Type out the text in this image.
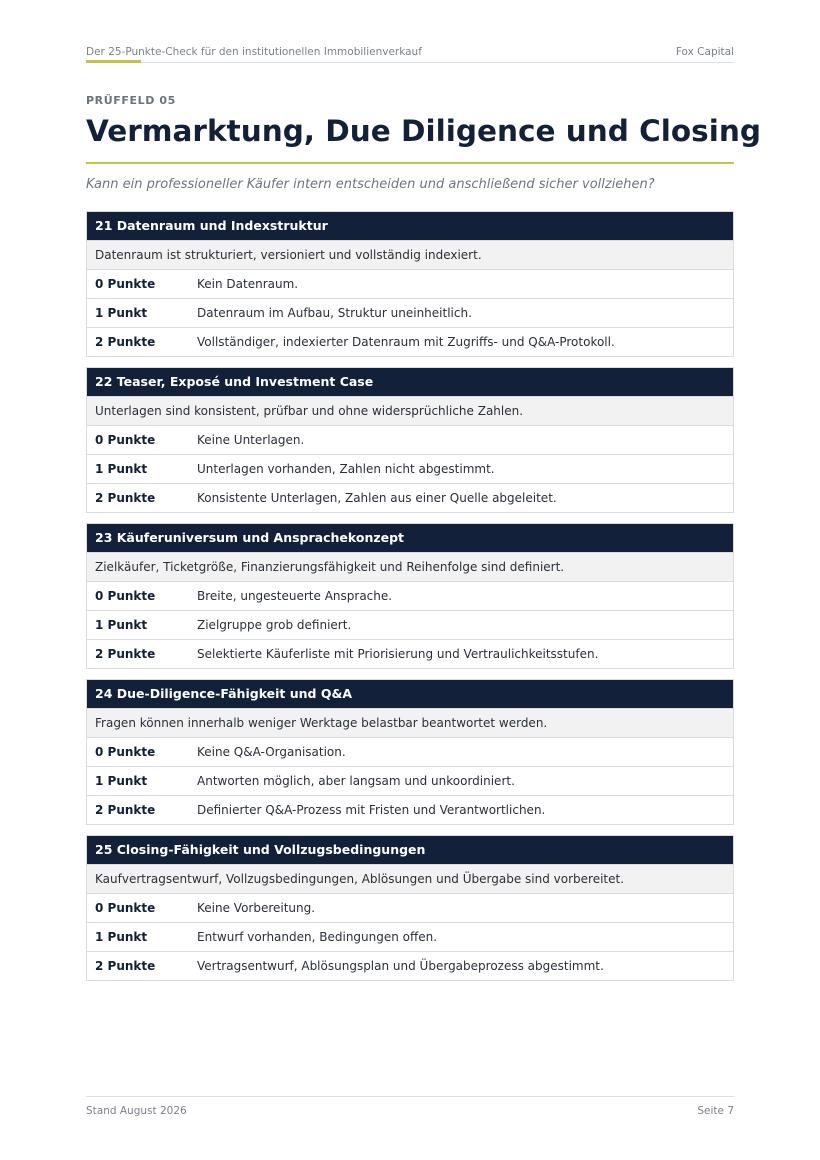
Der 25-Punkte-Check für den institutionellen Immobilienverkauf	Fox Capital
PRÜFFELD 05
Vermarktung, Due Diligence und Closing
Kann ein professioneller Käufer intern entscheiden und anschließend sicher vollziehen?
21 Datenraum und Indexstruktur
Datenraum ist strukturiert, versioniert und vollständig indexiert.
0 Punkte	Kein Datenraum.
1 Punkt	Datenraum im Aufbau, Struktur uneinheitlich.
2 Punkte	Vollständiger, indexierter Datenraum mit Zugriffs- und Q&A-Protokoll.
22 Teaser, Exposé und Investment Case
Unterlagen sind konsistent, prüfbar und ohne widersprüchliche Zahlen.
0 Punkte	Keine Unterlagen.
1 Punkt	Unterlagen vorhanden, Zahlen nicht abgestimmt.
2 Punkte	Konsistente Unterlagen, Zahlen aus einer Quelle abgeleitet.
23 Käuferuniversum und Ansprachekonzept
Zielkäufer, Ticketgröße, Finanzierungsfähigkeit und Reihenfolge sind definiert.
0 Punkte	Breite, ungesteuerte Ansprache.
1 Punkt	Zielgruppe grob definiert.
2 Punkte	Selektierte Käuferliste mit Priorisierung und Vertraulichkeitsstufen.
24 Due-Diligence-Fähigkeit und Q&A
Fragen können innerhalb weniger Werktage belastbar beantwortet werden.
0 Punkte	Keine Q&A-Organisation.
1 Punkt	Antworten möglich, aber langsam und unkoordiniert.
2 Punkte	Definierter Q&A-Prozess mit Fristen und Verantwortlichen.
25 Closing-Fähigkeit und Vollzugsbedingungen
Kaufvertragsentwurf, Vollzugsbedingungen, Ablösungen und Übergabe sind vorbereitet.
0 Punkte	Keine Vorbereitung.
1 Punkt	Entwurf vorhanden, Bedingungen offen.
2 Punkte	Vertragsentwurf, Ablösungsplan und Übergabeprozess abgestimmt.
Stand August 2026	Seite 7
